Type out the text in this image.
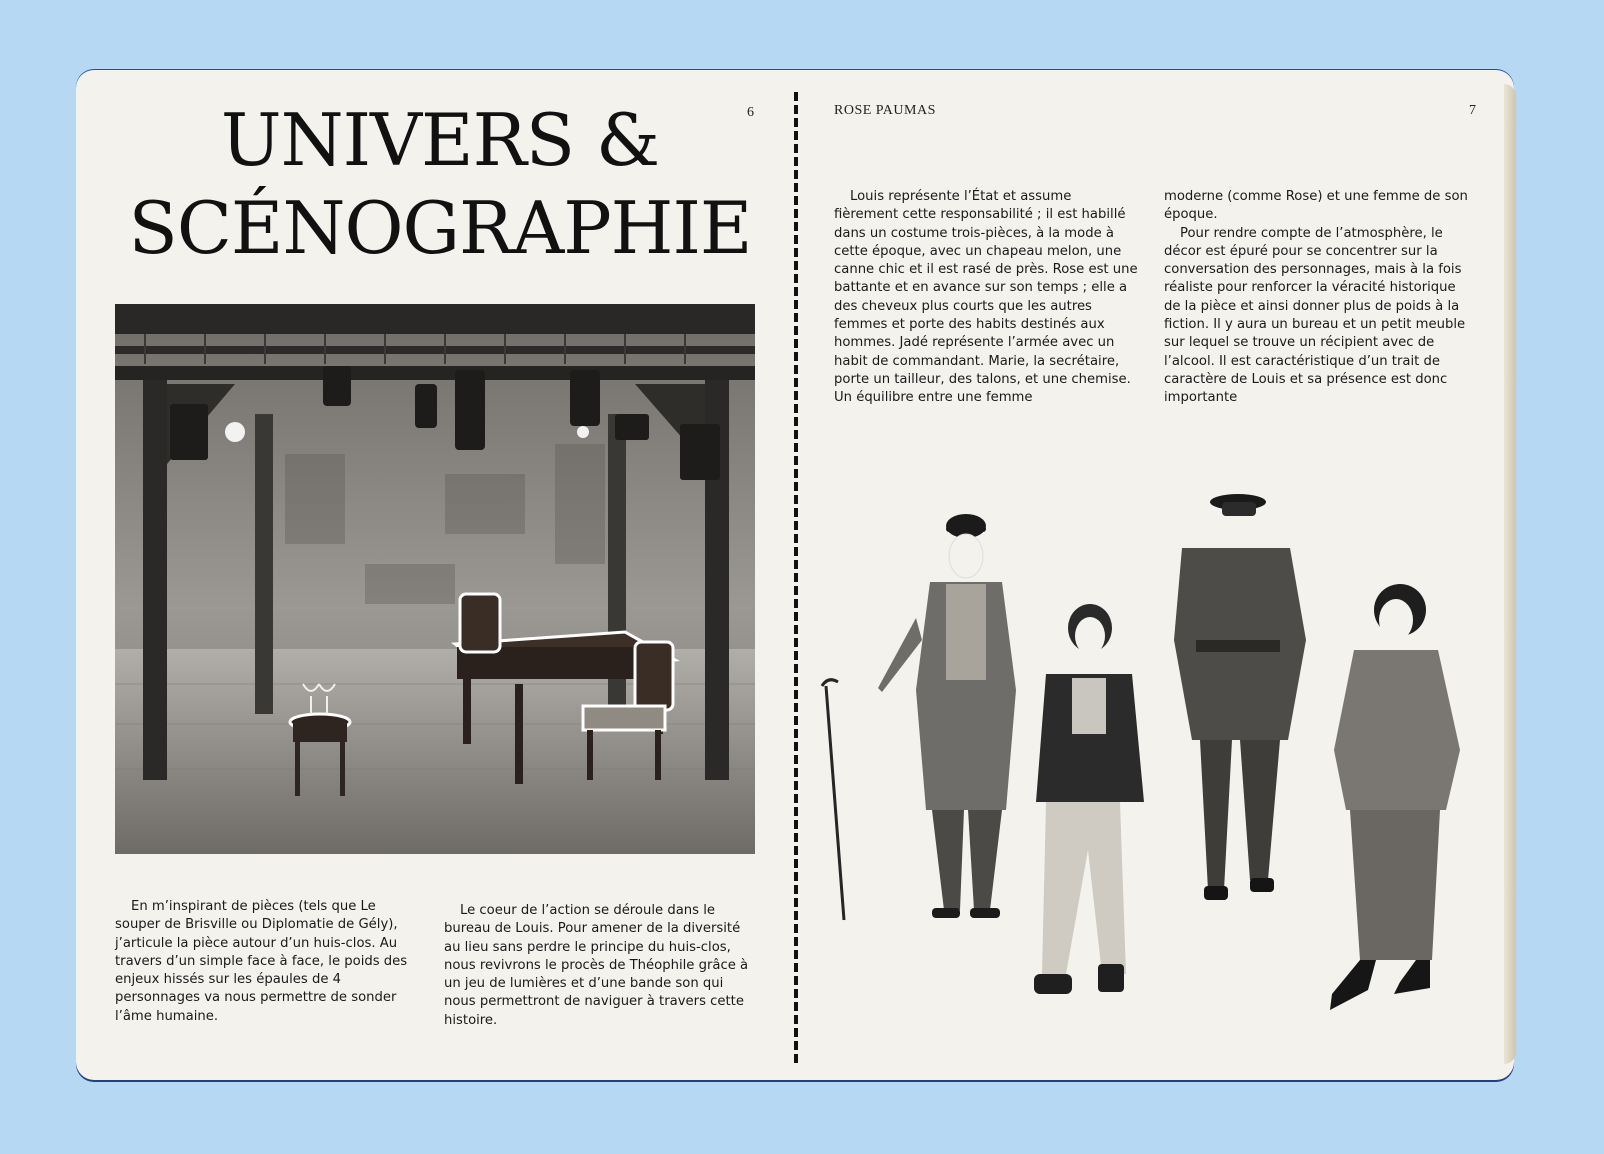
UNIVERS &
SCÉNOGRAPHIE
6

En m’inspirant de pièces (tels que Le souper de Brisville ou Diplomatie de Gély), j’articule la pièce autour d’un huis-clos. Au travers d’un simple face à face, le poids des enjeux hissés sur les épaules de 4 personnages va nous permettre de sonder l’âme humaine.

Le coeur de l’action se déroule dans le bureau de Louis. Pour amener de la diversité au lieu sans perdre le principe du huis-clos, nous revivrons le procès de Théophile grâce à un jeu de lumières et d’une bande son qui nous permettront de naviguer à travers cette histoire.

ROSE PAUMAS	7

Louis représente l’État et assume fièrement cette responsabilité ; il est habillé dans un costume trois-pièces, à la mode à cette époque, avec un chapeau melon, une canne chic et il est rasé de près. Rose est une battante et en avance sur son temps ; elle a des cheveux plus courts que les autres femmes et porte des habits destinés aux hommes. Jadé représente l’armée avec un habit de commandant. Marie, la secrétaire, porte un tailleur, des talons, et une chemise. Un équilibre entre une femme

moderne (comme Rose) et une femme de son époque.

Pour rendre compte de l’atmosphère, le décor est épuré pour se concentrer sur la conversation des personnages, mais à la fois réaliste pour renforcer la véracité historique de la pièce et ainsi donner plus de poids à la fiction. Il y aura un bureau et un petit meuble sur lequel se trouve un récipient avec de l’alcool. Il est caractéristique d’un trait de caractère de Louis et sa présence est donc importante
